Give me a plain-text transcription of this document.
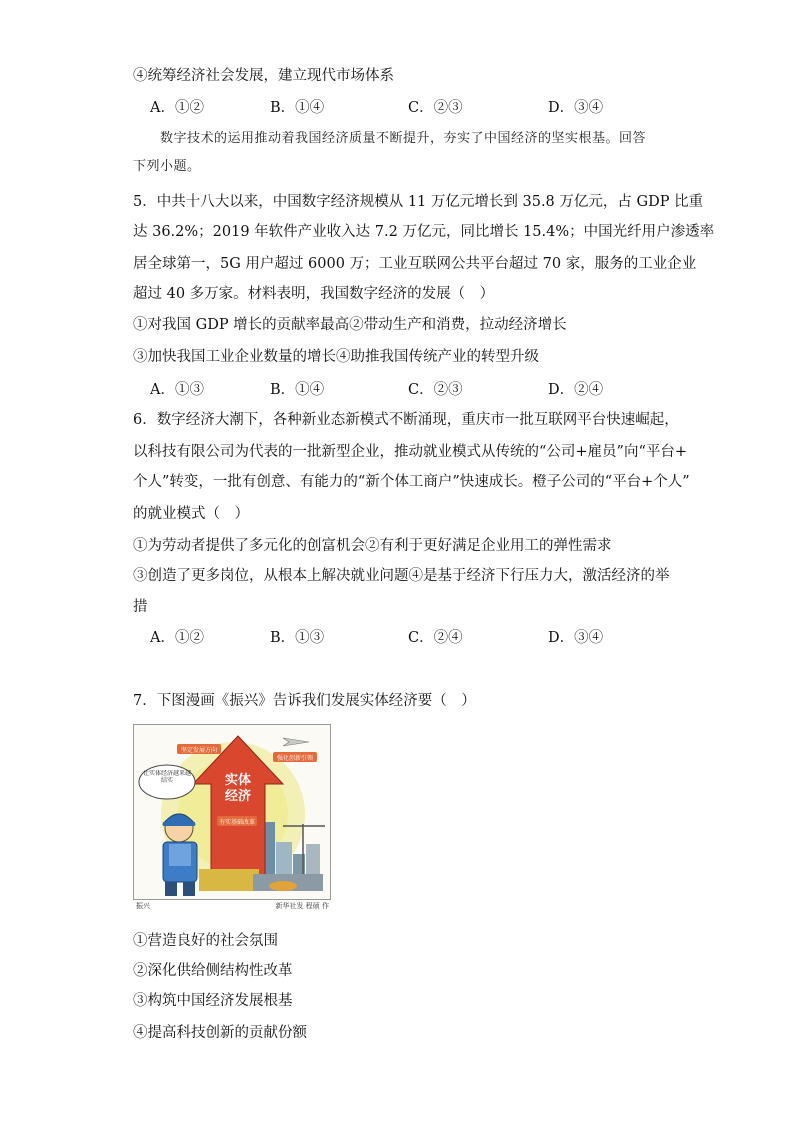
④统筹经济社会发展，建立现代市场体系
A．①②	B．①④	C．②③	D．③④
数字技术的运用推动着我国经济质量不断提升，夯实了中国经济的坚实根基。回答
下列小题。
5．中共十八大以来，中国数字经济规模从 11 万亿元增长到 35.8 万亿元，占 GDP 比重
达 36.2%；2019 年软件产业收入达 7.2 万亿元，同比增长 15.4%；中国光纤用户渗透率
居全球第一，5G 用户超过 6000 万；工业互联网公共平台超过 70 家，服务的工业企业
超过 40 多万家。材料表明，我国数字经济的发展（　）
①对我国 GDP 增长的贡献率最高②带动生产和消费，拉动经济增长
③加快我国工业企业数量的增长④助推我国传统产业的转型升级
A．①③	B．①④	C．②③	D．②④
6．数字经济大潮下，各种新业态新模式不断涌现，重庆市一批互联网平台快速崛起，
以科技有限公司为代表的一批新型企业，推动就业模式从传统的“公司+雇员”向“平台+
个人”转变，一批有创意、有能力的“新个体工商户”快速成长。橙子公司的“平台+个人”
的就业模式（　）
①为劳动者提供了多元化的创富机会②有利于更好满足企业用工的弹性需求
③创造了更多岗位，从根本上解决就业问题④是基于经济下行压力大，激活经济的举
措
A．①②	B．①③	C．②④	D．③④
7．下图漫画《振兴》告诉我们发展实体经济要（　）
实体
经济
坚定发展方向
强化创新引领
夯实基础改革
让实体经济越来越结实
振兴	新华社发 程硕 作
①营造良好的社会氛围
②深化供给侧结构性改革
③构筑中国经济发展根基
④提高科技创新的贡献份额
